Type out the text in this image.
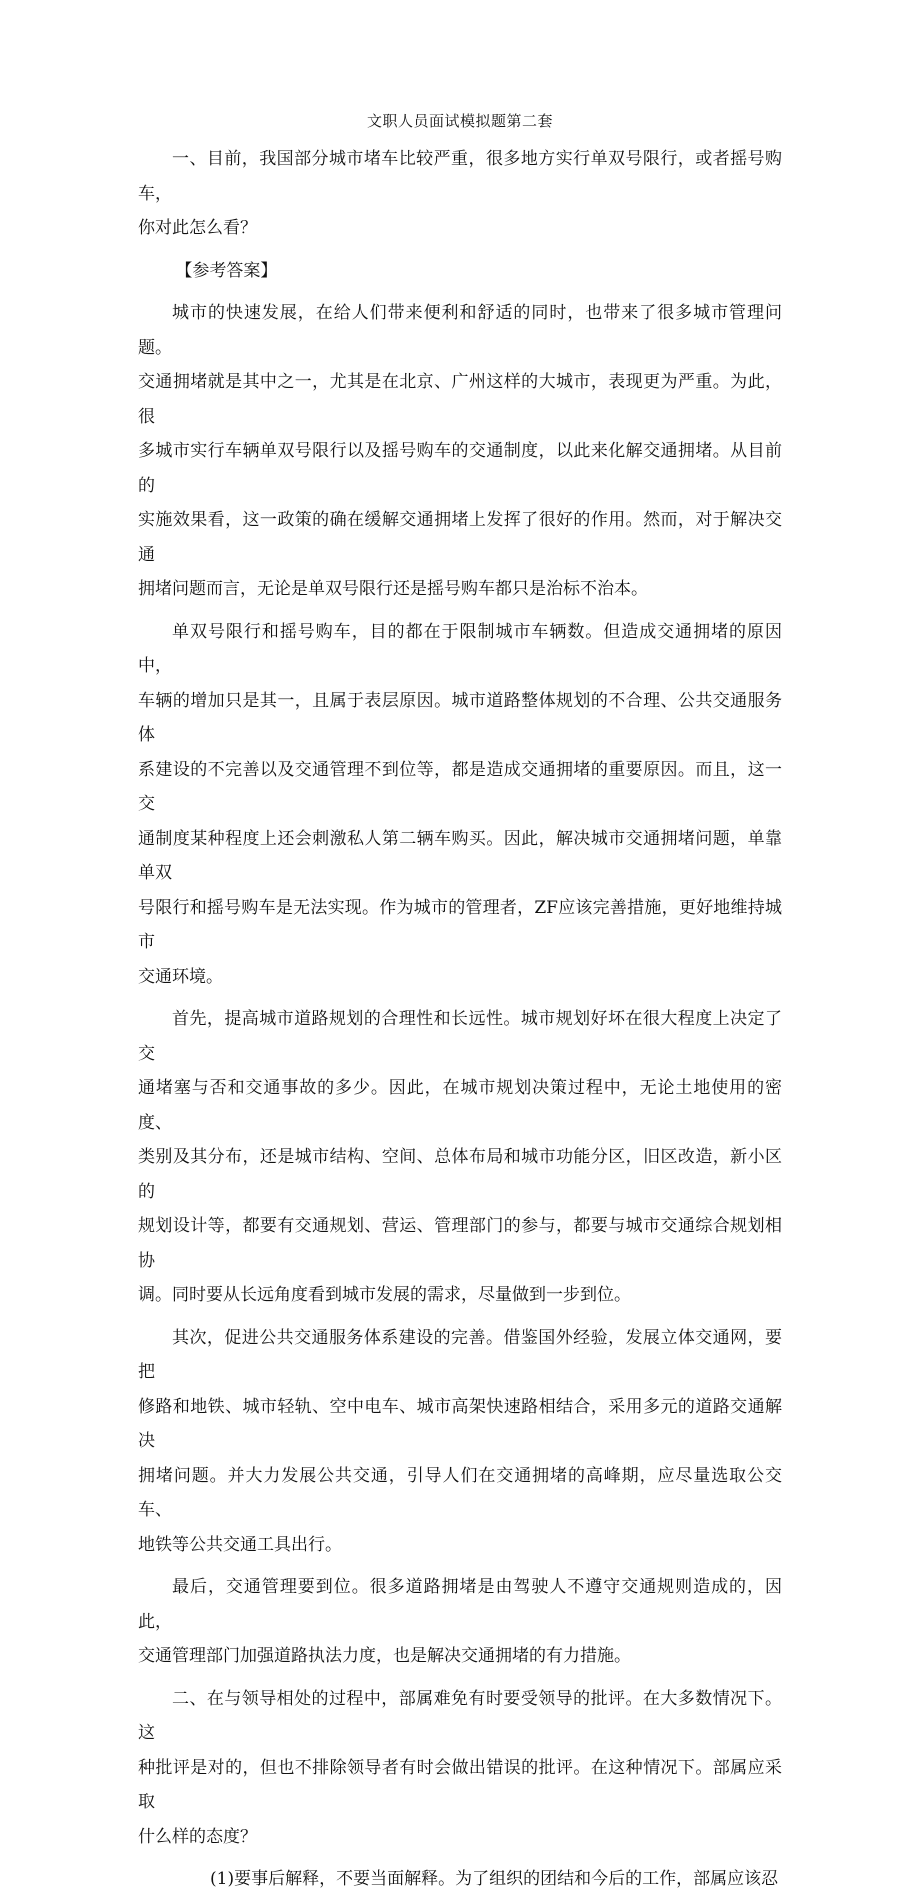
文职人员面试模拟题第二套

一、目前，我国部分城市堵车比较严重，很多地方实行单双号限行，或者摇号购车，
你对此怎么看？

【参考答案】

城市的快速发展，在给人们带来便利和舒适的同时，也带来了很多城市管理问题。
交通拥堵就是其中之一，尤其是在北京、广州这样的大城市，表现更为严重。为此，很
多城市实行车辆单双号限行以及摇号购车的交通制度，以此来化解交通拥堵。从目前的
实施效果看，这一政策的确在缓解交通拥堵上发挥了很好的作用。然而，对于解决交通
拥堵问题而言，无论是单双号限行还是摇号购车都只是治标不治本。

单双号限行和摇号购车，目的都在于限制城市车辆数。但造成交通拥堵的原因中，
车辆的增加只是其一，且属于表层原因。城市道路整体规划的不合理、公共交通服务体
系建设的不完善以及交通管理不到位等，都是造成交通拥堵的重要原因。而且，这一交
通制度某种程度上还会刺激私人第二辆车购买。因此，解决城市交通拥堵问题，单靠单双
号限行和摇号购车是无法实现。作为城市的管理者，ZF应该完善措施，更好地维持城市
交通环境。

首先，提高城市道路规划的合理性和长远性。城市规划好坏在很大程度上决定了交
通堵塞与否和交通事故的多少。因此，在城市规划决策过程中，无论土地使用的密度、
类别及其分布，还是城市结构、空间、总体布局和城市功能分区，旧区改造，新小区的
规划设计等，都要有交通规划、营运、管理部门的参与，都要与城市交通综合规划相协
调。同时要从长远角度看到城市发展的需求，尽量做到一步到位。

其次，促进公共交通服务体系建设的完善。借鉴国外经验，发展立体交通网，要把
修路和地铁、城市轻轨、空中电车、城市高架快速路相结合，采用多元的道路交通解决
拥堵问题。并大力发展公共交通，引导人们在交通拥堵的高峰期，应尽量选取公交车、
地铁等公共交通工具出行。

最后，交通管理要到位。很多道路拥堵是由驾驶人不遵守交通规则造成的，因此，
交通管理部门加强道路执法力度，也是解决交通拥堵的有力措施。

二、在与领导相处的过程中，部属难免有时要受领导的批评。在大多数情况下。这
种批评是对的，但也不排除领导者有时会做出错误的批评。在这种情况下。部属应采取
什么样的态度？

(1)要事后解释，不要当面解释。为了组织的团结和今后的工作，部属应该忍
